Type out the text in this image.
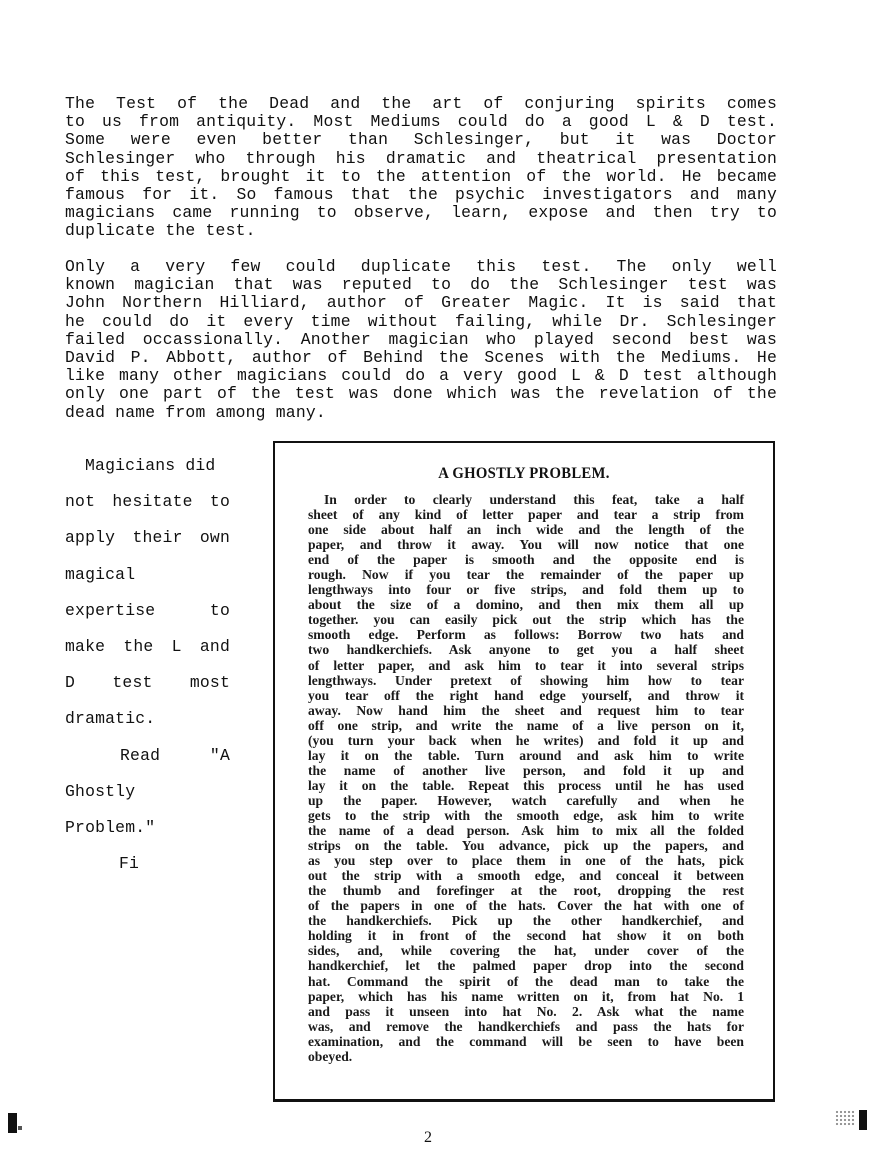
The Test of the Dead and the art of conjuring spirits comes
to us from antiquity. Most Mediums could do a good L & D test.
Some were even better than Schlesinger, but it was Doctor
Schlesinger who through his dramatic and theatrical presentation
of this test, brought it to the attention of the world. He became
famous for it. So famous that the psychic investigators and many
magicians came running to observe, learn, expose and then try to
duplicate the test.
Only a very few could duplicate this test. The only well
known magician that was reputed to do the Schlesinger test was
John Northern Hilliard, author of Greater Magic. It is said that
he could do it every time without failing, while Dr. Schlesinger
failed occassionally. Another magician who played second best was
David P. Abbott, author of Behind the Scenes with the Mediums. He
like many other magicians could do a very good L & D test although
only one part of the test was done which was the revelation of the
dead name from among many.
Magicians did
not hesitate to
apply their own
magical
expertise to
make the L and
D test most
dramatic.
Read "A
Ghostly
Problem."
Fi
A GHOSTLY PROBLEM.
In order to clearly understand this feat, take a half
sheet of any kind of letter paper and tear a strip from
one side about half an inch wide and the length of the
paper, and throw it away. You will now notice that one
end of the paper is smooth and the opposite end is
rough. Now if you tear the remainder of the paper up
lengthways into four or five strips, and fold them up to
about the size of a domino, and then mix them all up
together. you can easily pick out the strip which has the
smooth edge. Perform as follows: Borrow two hats and
two handkerchiefs. Ask anyone to get you a half sheet
of letter paper, and ask him to tear it into several strips
lengthways. Under pretext of showing him how to tear
you tear off the right hand edge yourself, and throw it
away. Now hand him the sheet and request him to tear
off one strip, and write the name of a live person on it,
(you turn your back when he writes) and fold it up and
lay it on the table. Turn around and ask him to write
the name of another live person, and fold it up and
lay it on the table. Repeat this process until he has used
up the paper. However, watch carefully and when he
gets to the strip with the smooth edge, ask him to write
the name of a dead person. Ask him to mix all the folded
strips on the table. You advance, pick up the papers, and
as you step over to place them in one of the hats, pick
out the strip with a smooth edge, and conceal it between
the thumb and forefinger at the root, dropping the rest
of the papers in one of the hats. Cover the hat with one of
the handkerchiefs. Pick up the other handkerchief, and
holding it in front of the second hat show it on both
sides, and, while covering the hat, under cover of the
handkerchief, let the palmed paper drop into the second
hat. Command the spirit of the dead man to take the
paper, which has his name written on it, from hat No. 1
and pass it unseen into hat No. 2. Ask what the name
was, and remove the handkerchiefs and pass the hats for
examination, and the command will be seen to have been
obeyed.
2
